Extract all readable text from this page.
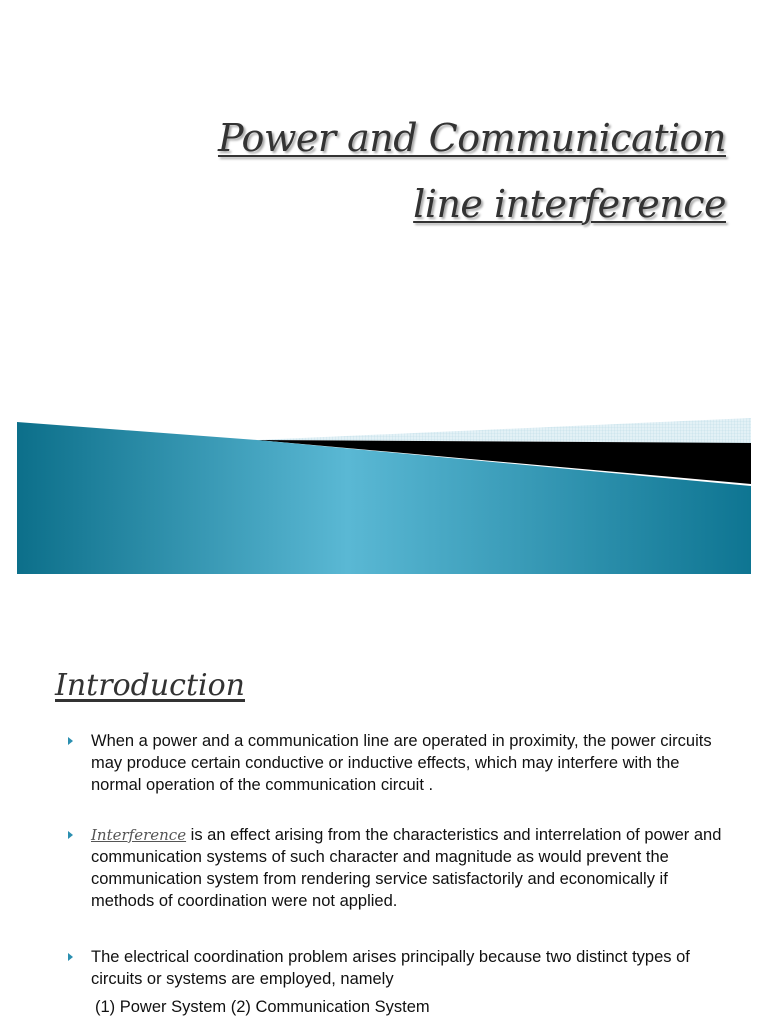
Power and Communication
line interference
Introduction
When a power and a communication line are operated in proximity, the power circuits may produce certain conductive or inductive effects, which may interfere with the normal operation of the communication circuit .
Interference is an effect arising from the characteristics and interrelation of power and communication systems of such character and magnitude as would prevent the communication system from rendering service satisfactorily and economically if methods of coordination were not applied.
The electrical coordination problem arises principally because two distinct types of circuits or systems are employed, namely
(1) Power System (2) Communication System
